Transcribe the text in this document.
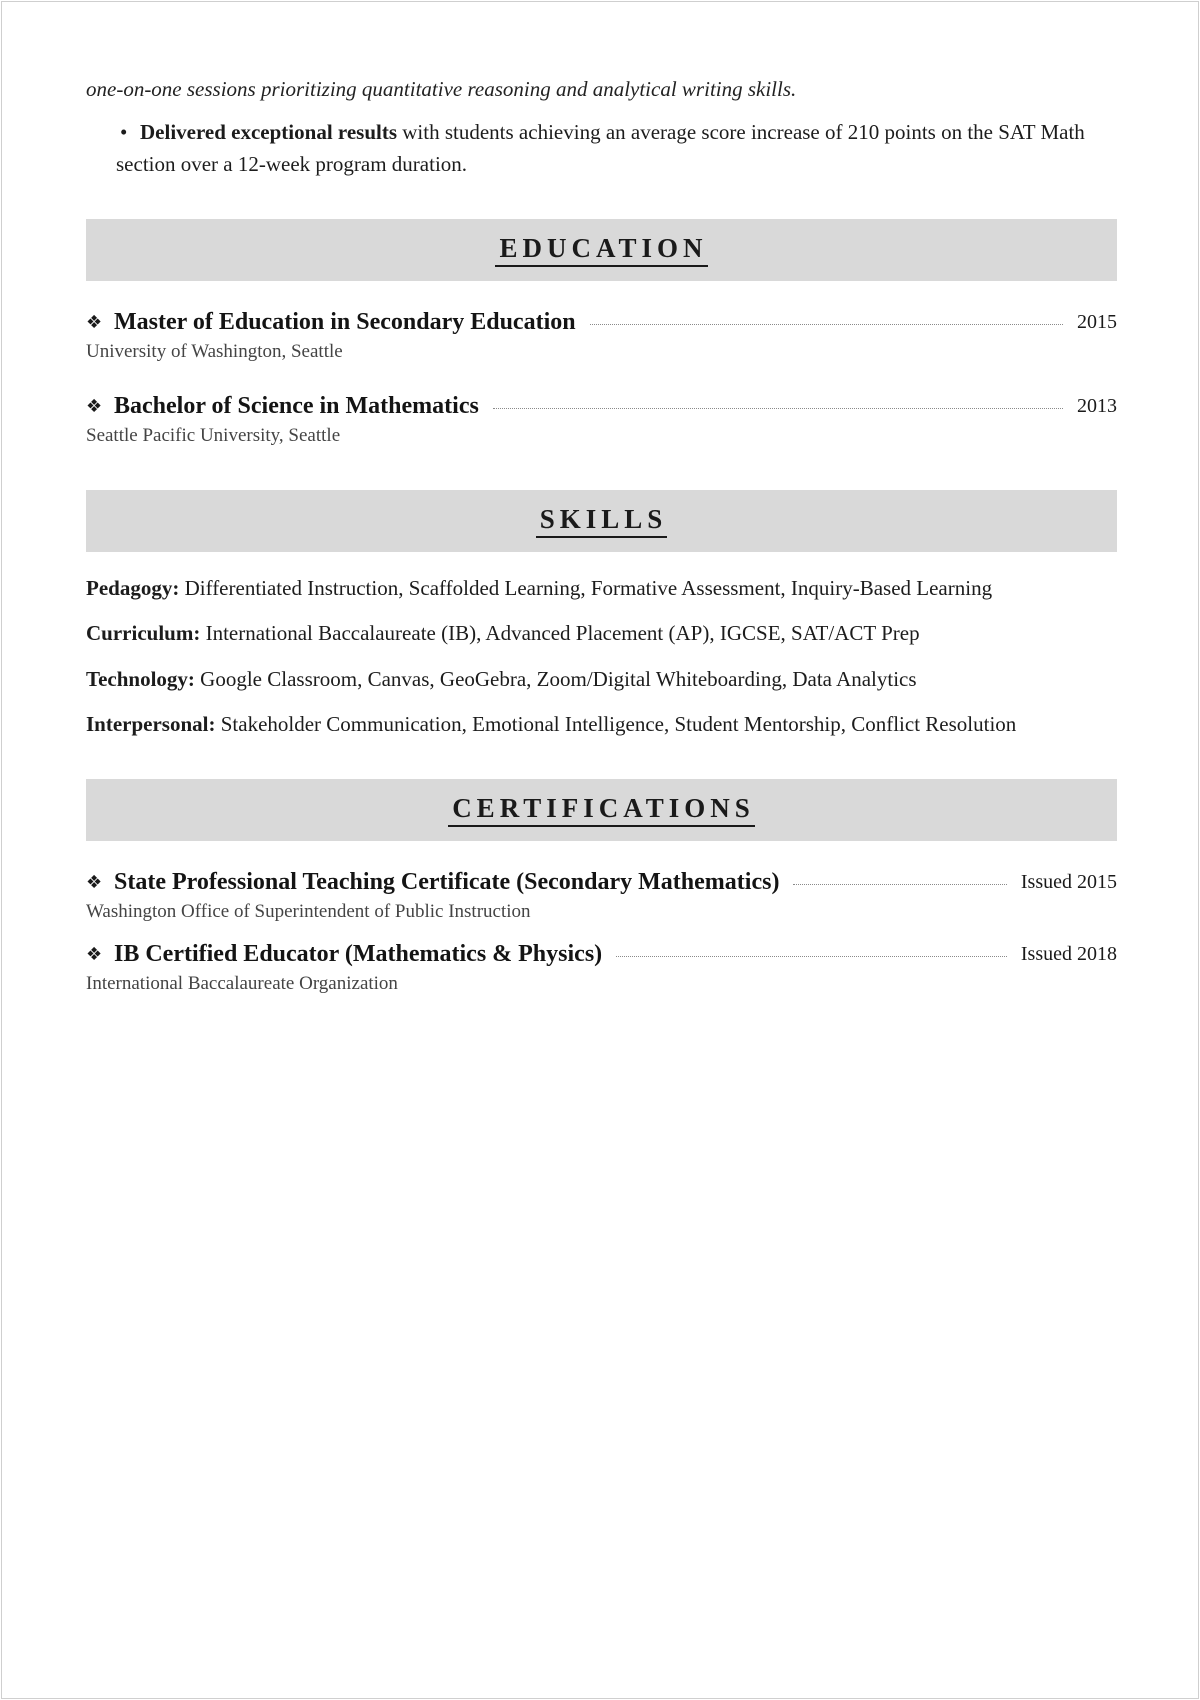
one-on-one sessions prioritizing quantitative reasoning and analytical writing skills.
• Delivered exceptional results with students achieving an average score increase of 210 points on the SAT Math section over a 12-week program duration.
EDUCATION
❖ Master of Education in Secondary Education	2015
University of Washington, Seattle
❖ Bachelor of Science in Mathematics	2013
Seattle Pacific University, Seattle
SKILLS
Pedagogy: Differentiated Instruction, Scaffolded Learning, Formative Assessment, Inquiry-Based Learning
Curriculum: International Baccalaureate (IB), Advanced Placement (AP), IGCSE, SAT/ACT Prep
Technology: Google Classroom, Canvas, GeoGebra, Zoom/Digital Whiteboarding, Data Analytics
Interpersonal: Stakeholder Communication, Emotional Intelligence, Student Mentorship, Conflict Resolution
CERTIFICATIONS
❖ State Professional Teaching Certificate (Secondary Mathematics)	Issued 2015
Washington Office of Superintendent of Public Instruction
❖ IB Certified Educator (Mathematics & Physics)	Issued 2018
International Baccalaureate Organization
